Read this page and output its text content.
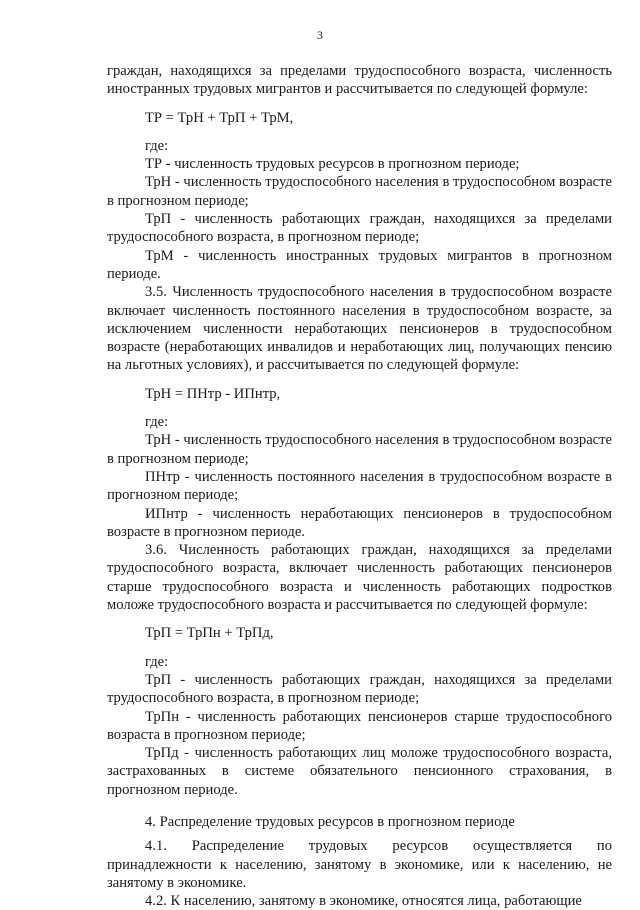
3

граждан, находящихся за пределами трудоспособного возраста, численность иностранных трудовых мигрантов и рассчитывается по следующей формуле:

ТР = ТрН + ТрП + ТрМ,

где:

ТР - численность трудовых ресурсов в прогнозном периоде;

ТрН - численность трудоспособного населения в трудоспособном возрасте в прогнозном периоде;

ТрП - численность работающих граждан, находящихся за пределами трудоспособного возраста, в прогнозном периоде;

ТрМ - численность иностранных трудовых мигрантов в прогнозном периоде.

3.5. Численность трудоспособного населения в трудоспособном возрасте включает численность постоянного населения в трудоспособном возрасте, за исключением численности неработающих пенсионеров в трудоспособном возрасте (неработающих инвалидов и неработающих лиц, получающих пенсию на льготных условиях), и рассчитывается по следующей формуле:

ТрН = ПНтр - ИПнтр,

где:

ТрН - численность трудоспособного населения в трудоспособном возрасте в прогнозном периоде;

ПНтр - численность постоянного населения в трудоспособном возрасте в прогнозном периоде;

ИПнтр - численность неработающих пенсионеров в трудоспособном возрасте в прогнозном периоде.

3.6. Численность работающих граждан, находящихся за пределами трудоспособного возраста, включает численность работающих пенсионеров старше трудоспособного возраста и численность работающих подростков моложе трудоспособного возраста и рассчитывается по следующей формуле:

ТрП = ТрПн + ТрПд,

где:

ТрП - численность работающих граждан, находящихся за пределами трудоспособного возраста, в прогнозном периоде;

ТрПн - численность работающих пенсионеров старше трудоспособного возраста в прогнозном периоде;

ТрПд - численность работающих лиц моложе трудоспособного возраста, застрахованных в системе обязательного пенсионного страхования, в прогнозном периоде.

4. Распределение трудовых ресурсов в прогнозном периоде

4.1. Распределение трудовых ресурсов осуществляется по принадлежности к населению, занятому в экономике, или к населению, не занятому в экономике.

4.2. К населению, занятому в экономике, относятся лица, работающие
